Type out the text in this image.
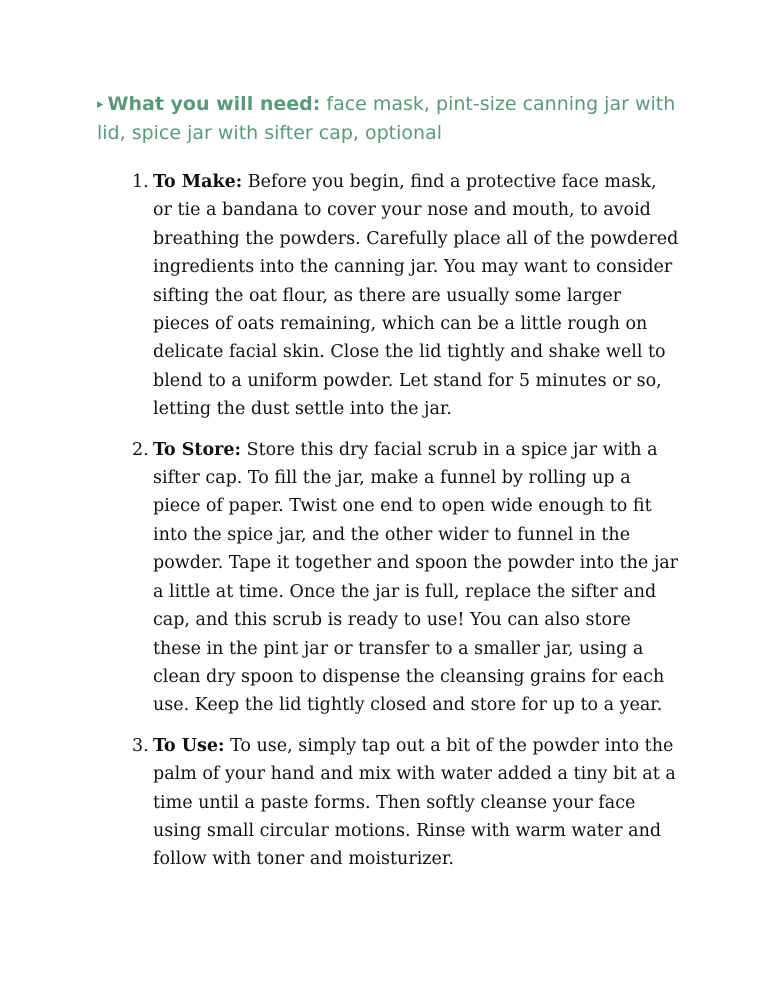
▸ What you will need: face mask, pint-size canning jar with lid, spice jar with sifter cap, optional
1. To Make: Before you begin, find a protective face mask, or tie a bandana to cover your nose and mouth, to avoid breathing the powders. Carefully place all of the powdered ingredients into the canning jar. You may want to consider sifting the oat flour, as there are usually some larger pieces of oats remaining, which can be a little rough on delicate facial skin. Close the lid tightly and shake well to blend to a uniform powder. Let stand for 5 minutes or so, letting the dust settle into the jar.
2. To Store: Store this dry facial scrub in a spice jar with a sifter cap. To fill the jar, make a funnel by rolling up a piece of paper. Twist one end to open wide enough to fit into the spice jar, and the other wider to funnel in the powder. Tape it together and spoon the powder into the jar a little at time. Once the jar is full, replace the sifter and cap, and this scrub is ready to use! You can also store these in the pint jar or transfer to a smaller jar, using a clean dry spoon to dispense the cleansing grains for each use. Keep the lid tightly closed and store for up to a year.
3. To Use: To use, simply tap out a bit of the powder into the palm of your hand and mix with water added a tiny bit at a time until a paste forms. Then softly cleanse your face using small circular motions. Rinse with warm water and follow with toner and moisturizer.
